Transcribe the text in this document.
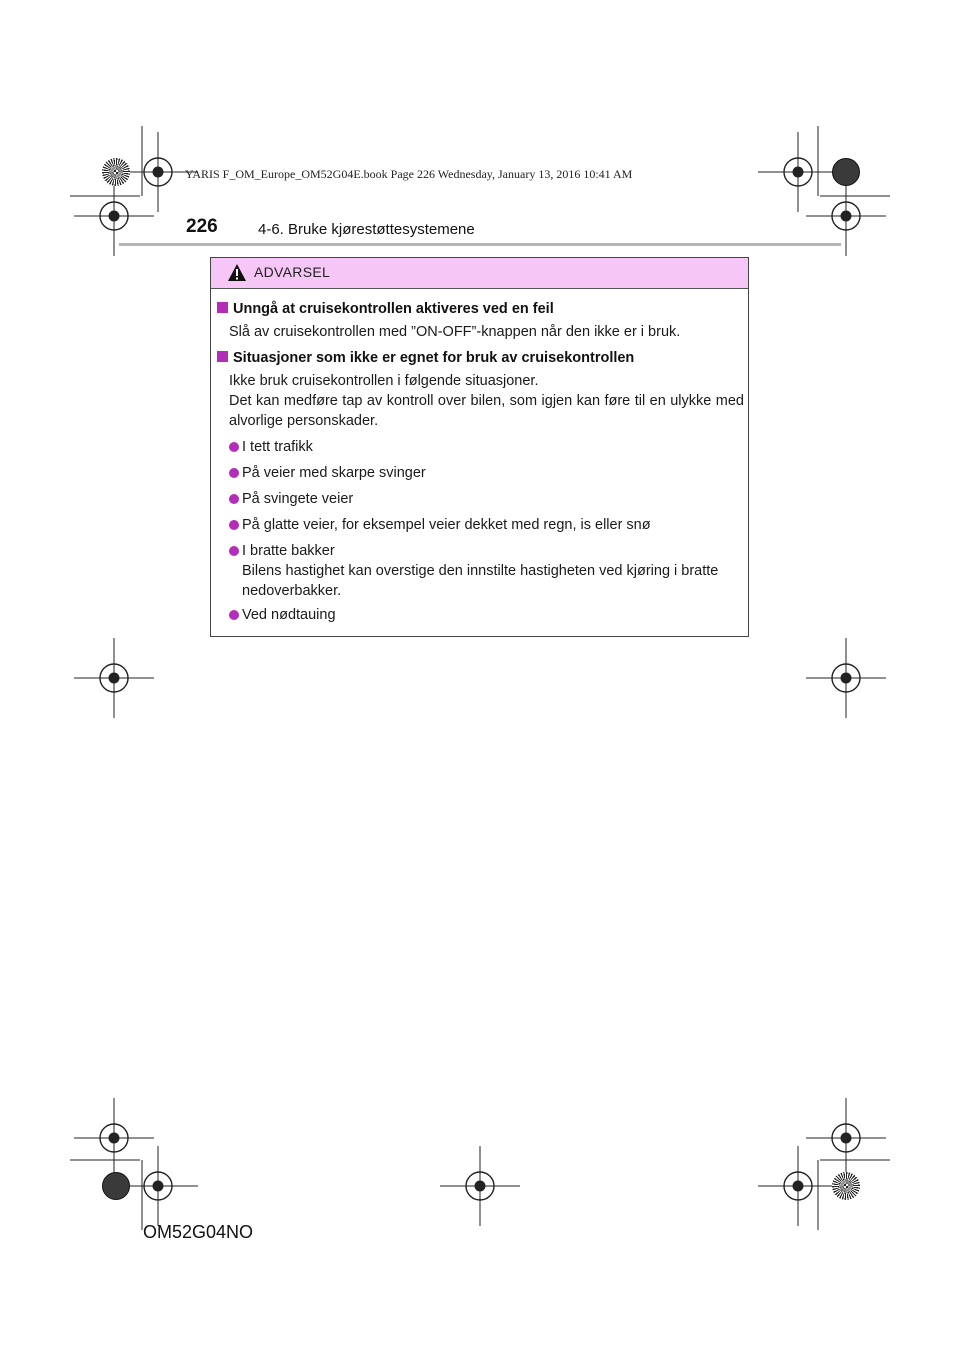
YARIS F_OM_Europe_OM52G04E.book Page 226 Wednesday, January 13, 2016 10:41 AM
226	4-6. Bruke kjørestøttesystemene
ADVARSEL
Unngå at cruisekontrollen aktiveres ved en feil
Slå av cruisekontrollen med ”ON-OFF”-knappen når den ikke er i bruk.
Situasjoner som ikke er egnet for bruk av cruisekontrollen
Ikke bruk cruisekontrollen i følgende situasjoner.
Det kan medføre tap av kontroll over bilen, som igjen kan føre til en ulykke med alvorlige personskader.
I tett trafikk
På veier med skarpe svinger
På svingete veier
På glatte veier, for eksempel veier dekket med regn, is eller snø
I bratte bakker
Bilens hastighet kan overstige den innstilte hastigheten ved kjøring i bratte nedoverbakker.
Ved nødtauing
OM52G04NO
